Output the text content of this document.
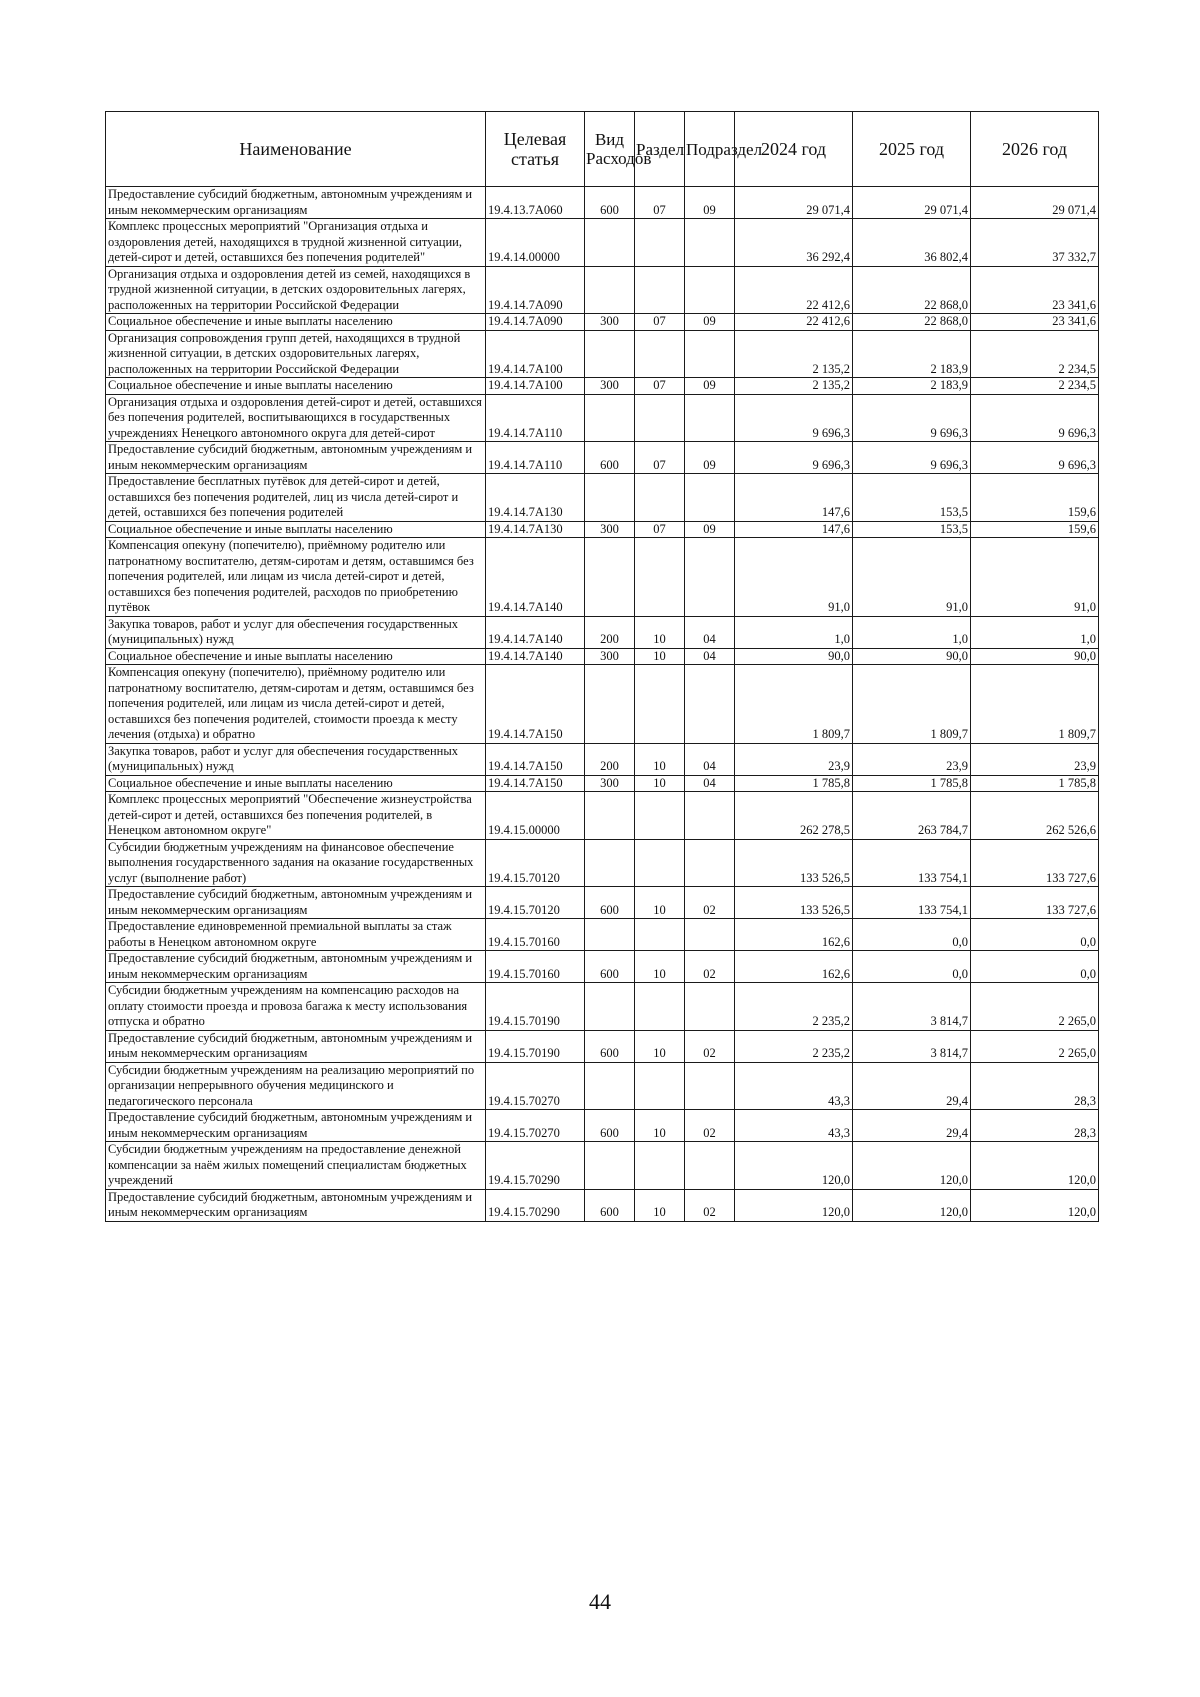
Наименование	Целевая статья	Вид Расходов	Раздел	Подраздел	2024 год	2025 год	2026 год
Предоставление субсидий бюджетным, автономным учреждениям и иным некоммерческим организациям	19.4.13.7А060	600	07	09	29 071,4	29 071,4	29 071,4
Комплекс процессных мероприятий "Организация отдыха и оздоровления детей, находящихся в трудной жизненной ситуации, детей-сирот и детей, оставшихся без попечения родителей"	19.4.14.00000				36 292,4	36 802,4	37 332,7
Организация отдыха и оздоровления детей из семей, находящихся в трудной жизненной ситуации, в детских оздоровительных лагерях, расположенных на территории Российской Федерации	19.4.14.7А090				22 412,6	22 868,0	23 341,6
Социальное обеспечение и иные выплаты населению	19.4.14.7А090	300	07	09	22 412,6	22 868,0	23 341,6
Организация сопровождения групп детей, находящихся в трудной жизненной ситуации, в детских оздоровительных лагерях, расположенных на территории Российской Федерации	19.4.14.7А100				2 135,2	2 183,9	2 234,5
Социальное обеспечение и иные выплаты населению	19.4.14.7А100	300	07	09	2 135,2	2 183,9	2 234,5
Организация отдыха и оздоровления детей-сирот и детей, оставшихся без попечения родителей, воспитывающихся в государственных учреждениях Ненецкого автономного округа для детей-сирот	19.4.14.7А110				9 696,3	9 696,3	9 696,3
Предоставление субсидий бюджетным, автономным учреждениям и иным некоммерческим организациям	19.4.14.7А110	600	07	09	9 696,3	9 696,3	9 696,3
Предоставление бесплатных путёвок для детей-сирот и детей, оставшихся без попечения родителей, лиц из числа детей-сирот и детей, оставшихся без попечения родителей	19.4.14.7А130				147,6	153,5	159,6
Социальное обеспечение и иные выплаты населению	19.4.14.7А130	300	07	09	147,6	153,5	159,6
Компенсация опекуну (попечителю), приёмному родителю или патронатному воспитателю, детям-сиротам и детям, оставшимся без попечения родителей, или лицам из числа детей-сирот и детей, оставшихся без попечения родителей, расходов по приобретению путёвок	19.4.14.7А140				91,0	91,0	91,0
Закупка товаров, работ и услуг для обеспечения государственных (муниципальных) нужд	19.4.14.7А140	200	10	04	1,0	1,0	1,0
Социальное обеспечение и иные выплаты населению	19.4.14.7А140	300	10	04	90,0	90,0	90,0
Компенсация опекуну (попечителю), приёмному родителю или патронатному воспитателю, детям-сиротам и детям, оставшимся без попечения родителей, или лицам из числа детей-сирот и детей, оставшихся без попечения родителей, стоимости проезда к месту лечения (отдыха) и обратно	19.4.14.7А150				1 809,7	1 809,7	1 809,7
Закупка товаров, работ и услуг для обеспечения государственных (муниципальных) нужд	19.4.14.7А150	200	10	04	23,9	23,9	23,9
Социальное обеспечение и иные выплаты населению	19.4.14.7А150	300	10	04	1 785,8	1 785,8	1 785,8
Комплекс процессных мероприятий "Обеспечение жизнеустройства детей-сирот и детей, оставшихся без попечения родителей, в Ненецком автономном округе"	19.4.15.00000				262 278,5	263 784,7	262 526,6
Субсидии бюджетным учреждениям на финансовое обеспечение выполнения государственного задания на оказание государственных услуг (выполнение работ)	19.4.15.70120				133 526,5	133 754,1	133 727,6
Предоставление субсидий бюджетным, автономным учреждениям и иным некоммерческим организациям	19.4.15.70120	600	10	02	133 526,5	133 754,1	133 727,6
Предоставление единовременной премиальной выплаты за стаж работы в Ненецком автономном округе	19.4.15.70160				162,6	0,0	0,0
Предоставление субсидий бюджетным, автономным учреждениям и иным некоммерческим организациям	19.4.15.70160	600	10	02	162,6	0,0	0,0
Субсидии бюджетным учреждениям на компенсацию расходов на оплату стоимости проезда и провоза багажа к месту использования отпуска и обратно	19.4.15.70190				2 235,2	3 814,7	2 265,0
Предоставление субсидий бюджетным, автономным учреждениям и иным некоммерческим организациям	19.4.15.70190	600	10	02	2 235,2	3 814,7	2 265,0
Субсидии бюджетным учреждениям на реализацию мероприятий по организации непрерывного обучения медицинского и педагогического персонала	19.4.15.70270				43,3	29,4	28,3
Предоставление субсидий бюджетным, автономным учреждениям и иным некоммерческим организациям	19.4.15.70270	600	10	02	43,3	29,4	28,3
Субсидии бюджетным учреждениям на предоставление денежной компенсации за наём жилых помещений специалистам бюджетных учреждений	19.4.15.70290				120,0	120,0	120,0
Предоставление субсидий бюджетным, автономным учреждениям и иным некоммерческим организациям	19.4.15.70290	600	10	02	120,0	120,0	120,0
44
